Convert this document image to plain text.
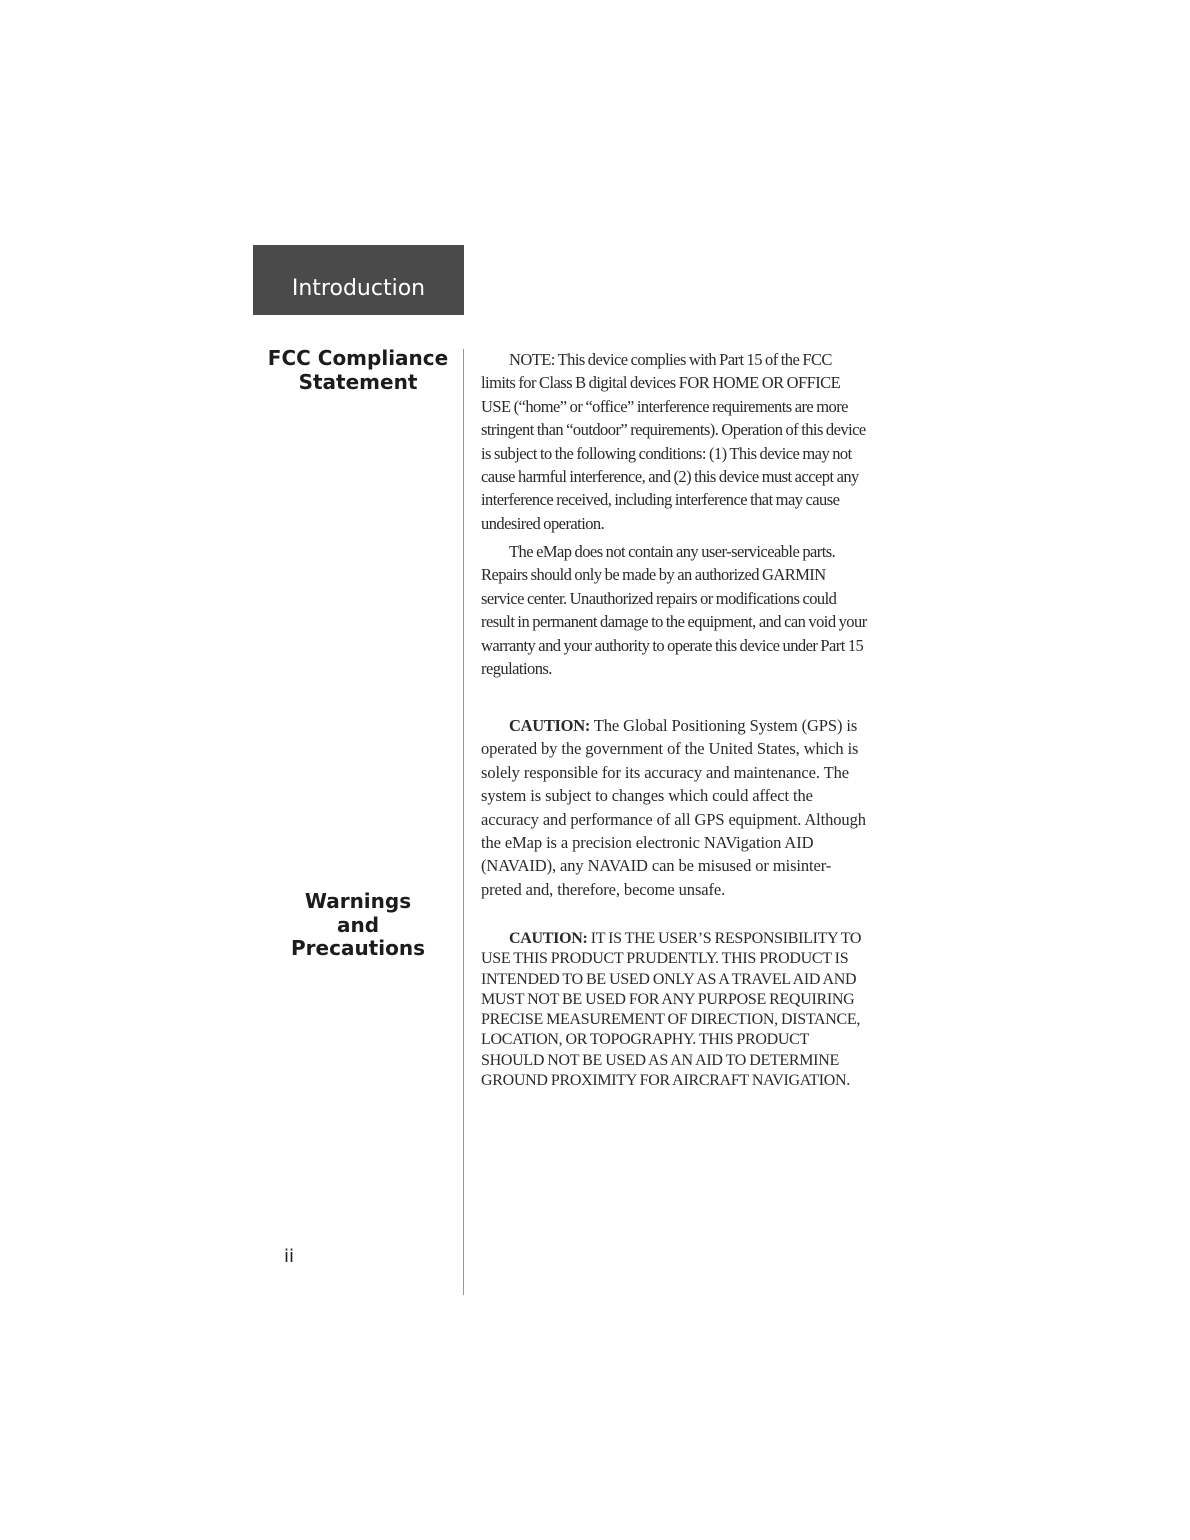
Introduction
FCC Compliance
Statement
Warnings
and
Precautions

NOTE: This device complies with Part 15 of the FCC limits for Class B digital devices FOR HOME OR OFFICE USE (“home” or “office” interference requirements are more stringent than “outdoor” requirements). Operation of this device is subject to the following conditions: (1) This device may not cause harmful interference, and (2) this device must accept any interference received, including interference that may cause undesired operation.

The eMap does not contain any user-serviceable parts. Repairs should only be made by an authorized GARMIN service center. Unauthorized repairs or modifications could result in permanent damage to the equipment, and can void your warranty and your authority to operate this device under Part 15 regulations.

CAUTION: The Global Positioning System (GPS) is operated by the government of the United States, which is solely responsible for its accuracy and maintenance. The system is subject to changes which could affect the accuracy and performance of all GPS equipment. Although the eMap is a precision electronic NAVigation AID (NAVAID), any NAVAID can be misused or misinter-preted and, therefore, become unsafe.

CAUTION: IT IS THE USER’S RESPONSIBILITY TO USE THIS PRODUCT PRUDENTLY. THIS PRODUCT IS INTENDED TO BE USED ONLY AS A TRAVEL AID AND MUST NOT BE USED FOR ANY PURPOSE REQUIRING PRECISE MEASUREMENT OF DIRECTION, DISTANCE, LOCATION, OR TOPOGRAPHY. THIS PRODUCT SHOULD NOT BE USED AS AN AID TO DETERMINE GROUND PROXIMITY FOR AIRCRAFT NAVIGATION.

ii
